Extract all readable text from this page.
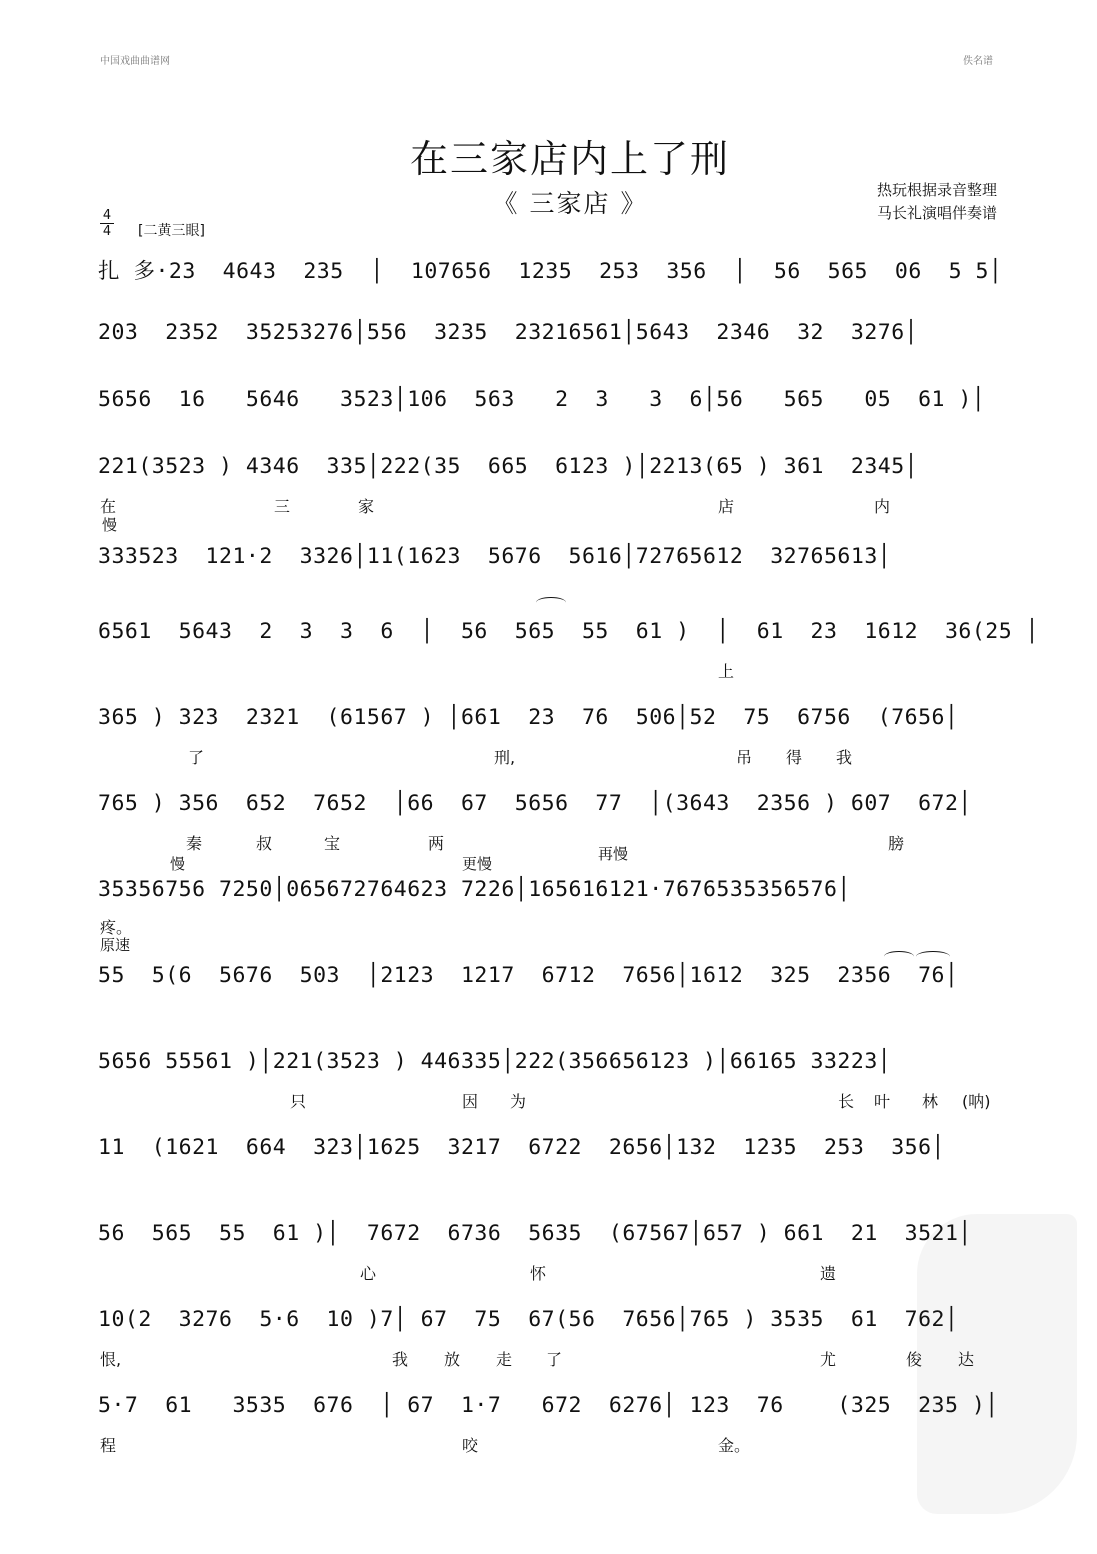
中国戏曲曲谱网	佚名谱
在三家店内上了刑
《 三家店 》	热玩根据录音整理
马长礼演唱伴奏谱
4
4 [二黄三眼]
扎 多·23  4643  235  │  107656  1235  253  356  │  56  565  06  5 5│
203  2352  35253276│556  3235  23216561│5643  2346  32  3276│
5656  16   5646   3523│106  563   2  3   3  6│56   565   05  61 )│
221(3523 ) 4346  335│222(35  665  6123 )│2213(65 ) 361  2345│
在	三	家	店	内
慢
333523  121·2  3326│11(1623  5676  5616│72765612  32765613│
6561  5643  2  3  3  6  │  56  565  55  61 )  │  61  23  1612  36(25 │
上
365 ) 323  2321  (61567 ) │661  23  76  506│52  75  6756  (7656│
了	刑,	吊 得 我
765 ) 356  652  7652  │66  67  5656  77  │(3643  2356 ) 607  672│
秦	叔	宝	两	膀
慢	更慢
再慢
35356756 7250│065672764623 7226│165616121·7676535356576│
疼。
原速
55  5(6  5676  503  │2123  1217  6712  7656│1612  325  2356  76│
5656 55561 )│221(3523 ) 446335│222(356656123 )│66165 33223│
只	因 为	长 叶 林 (呐)
11  (1621  664  323│1625  3217  6722  2656│132  1235  253  356│
56  565  55  61 )│  7672  6736  5635  (67567│657 ) 661  21  3521│
心	怀	遗
10(2  3276  5·6  10 )7│ 67  75  67(56  7656│765 ) 3535  61  762│
恨,	我 放 走 了	尤	俊 达
5·7  61   3535  676  │ 67  1·7   672  6276│ 123  76    (325  235 )│
程	咬	金。
